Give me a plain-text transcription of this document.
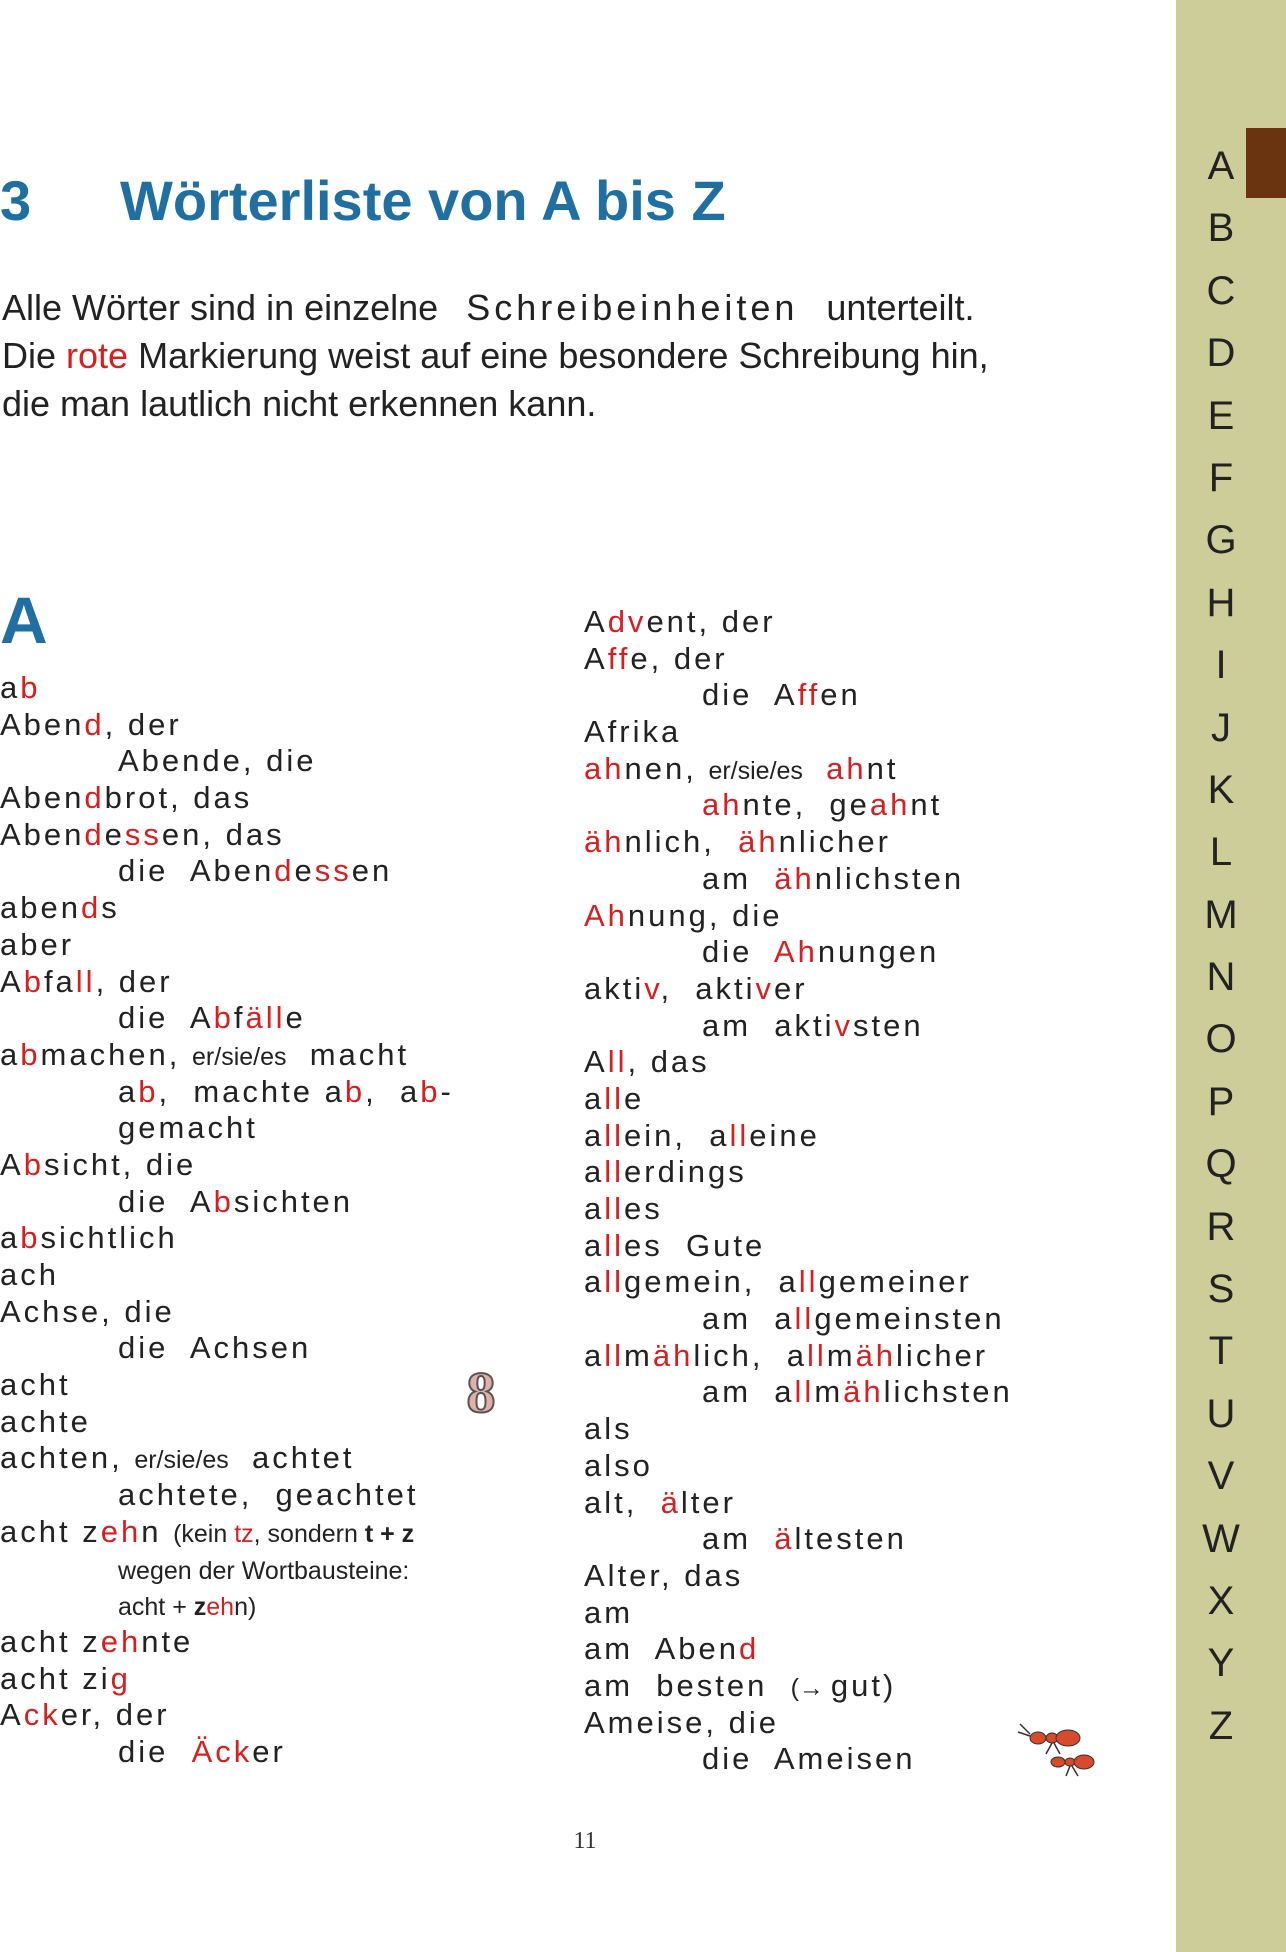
3 Wörterliste von A bis Z
Alle Wörter sind in einzelne Schreibeinheiten unterteilt.
Die rote Markierung weist auf eine besondere Schreibung hin,
die man lautlich nicht erkennen kann.
A
ab
Abend, der
Abende, die
Abendbrot, das
Abendessen, das
die  Abendessen
abends
aber
Abfall, der
die  Abfälle
abmachen, er/sie/es  macht
ab,  machte ab,  ab-
gemacht
Absicht, die
die  Absichten
absichtlich
ach
Achse, die
die  Achsen
acht
achte
achten, er/sie/es  achtet
achtete,  geachtet
acht zehn (kein tz, sondern t + z
wegen der Wortbausteine:
acht + zehn)
acht zehnte
acht zig
Acker, der
die  Äcker
Advent, der
Affe, der
die  Affen
Afrika
ahnen, er/sie/es ahnt
ahnte,  geahnt
ähnlich,  ähnlicher
am  ähnlichsten
Ahnung, die
die  Ahnungen
aktiv,  aktiver
am  aktivsten
All, das
alle
allein,  alleine
allerdings
alles
alles  Gute
allgemein,  allgemeiner
am  allgemeinsten
allmählich,  allmählicher
am  allmählichsten
als
also
alt,  älter
am  ältesten
Alter, das
am
am  Abend
am  besten  (→ gut)
Ameise, die
die  Ameisen
8
11
A
B
C
D
E
F
G
H
I
J
K
L
M
N
O
P
Q
R
S
T
U
V
W
X
Y
Z
